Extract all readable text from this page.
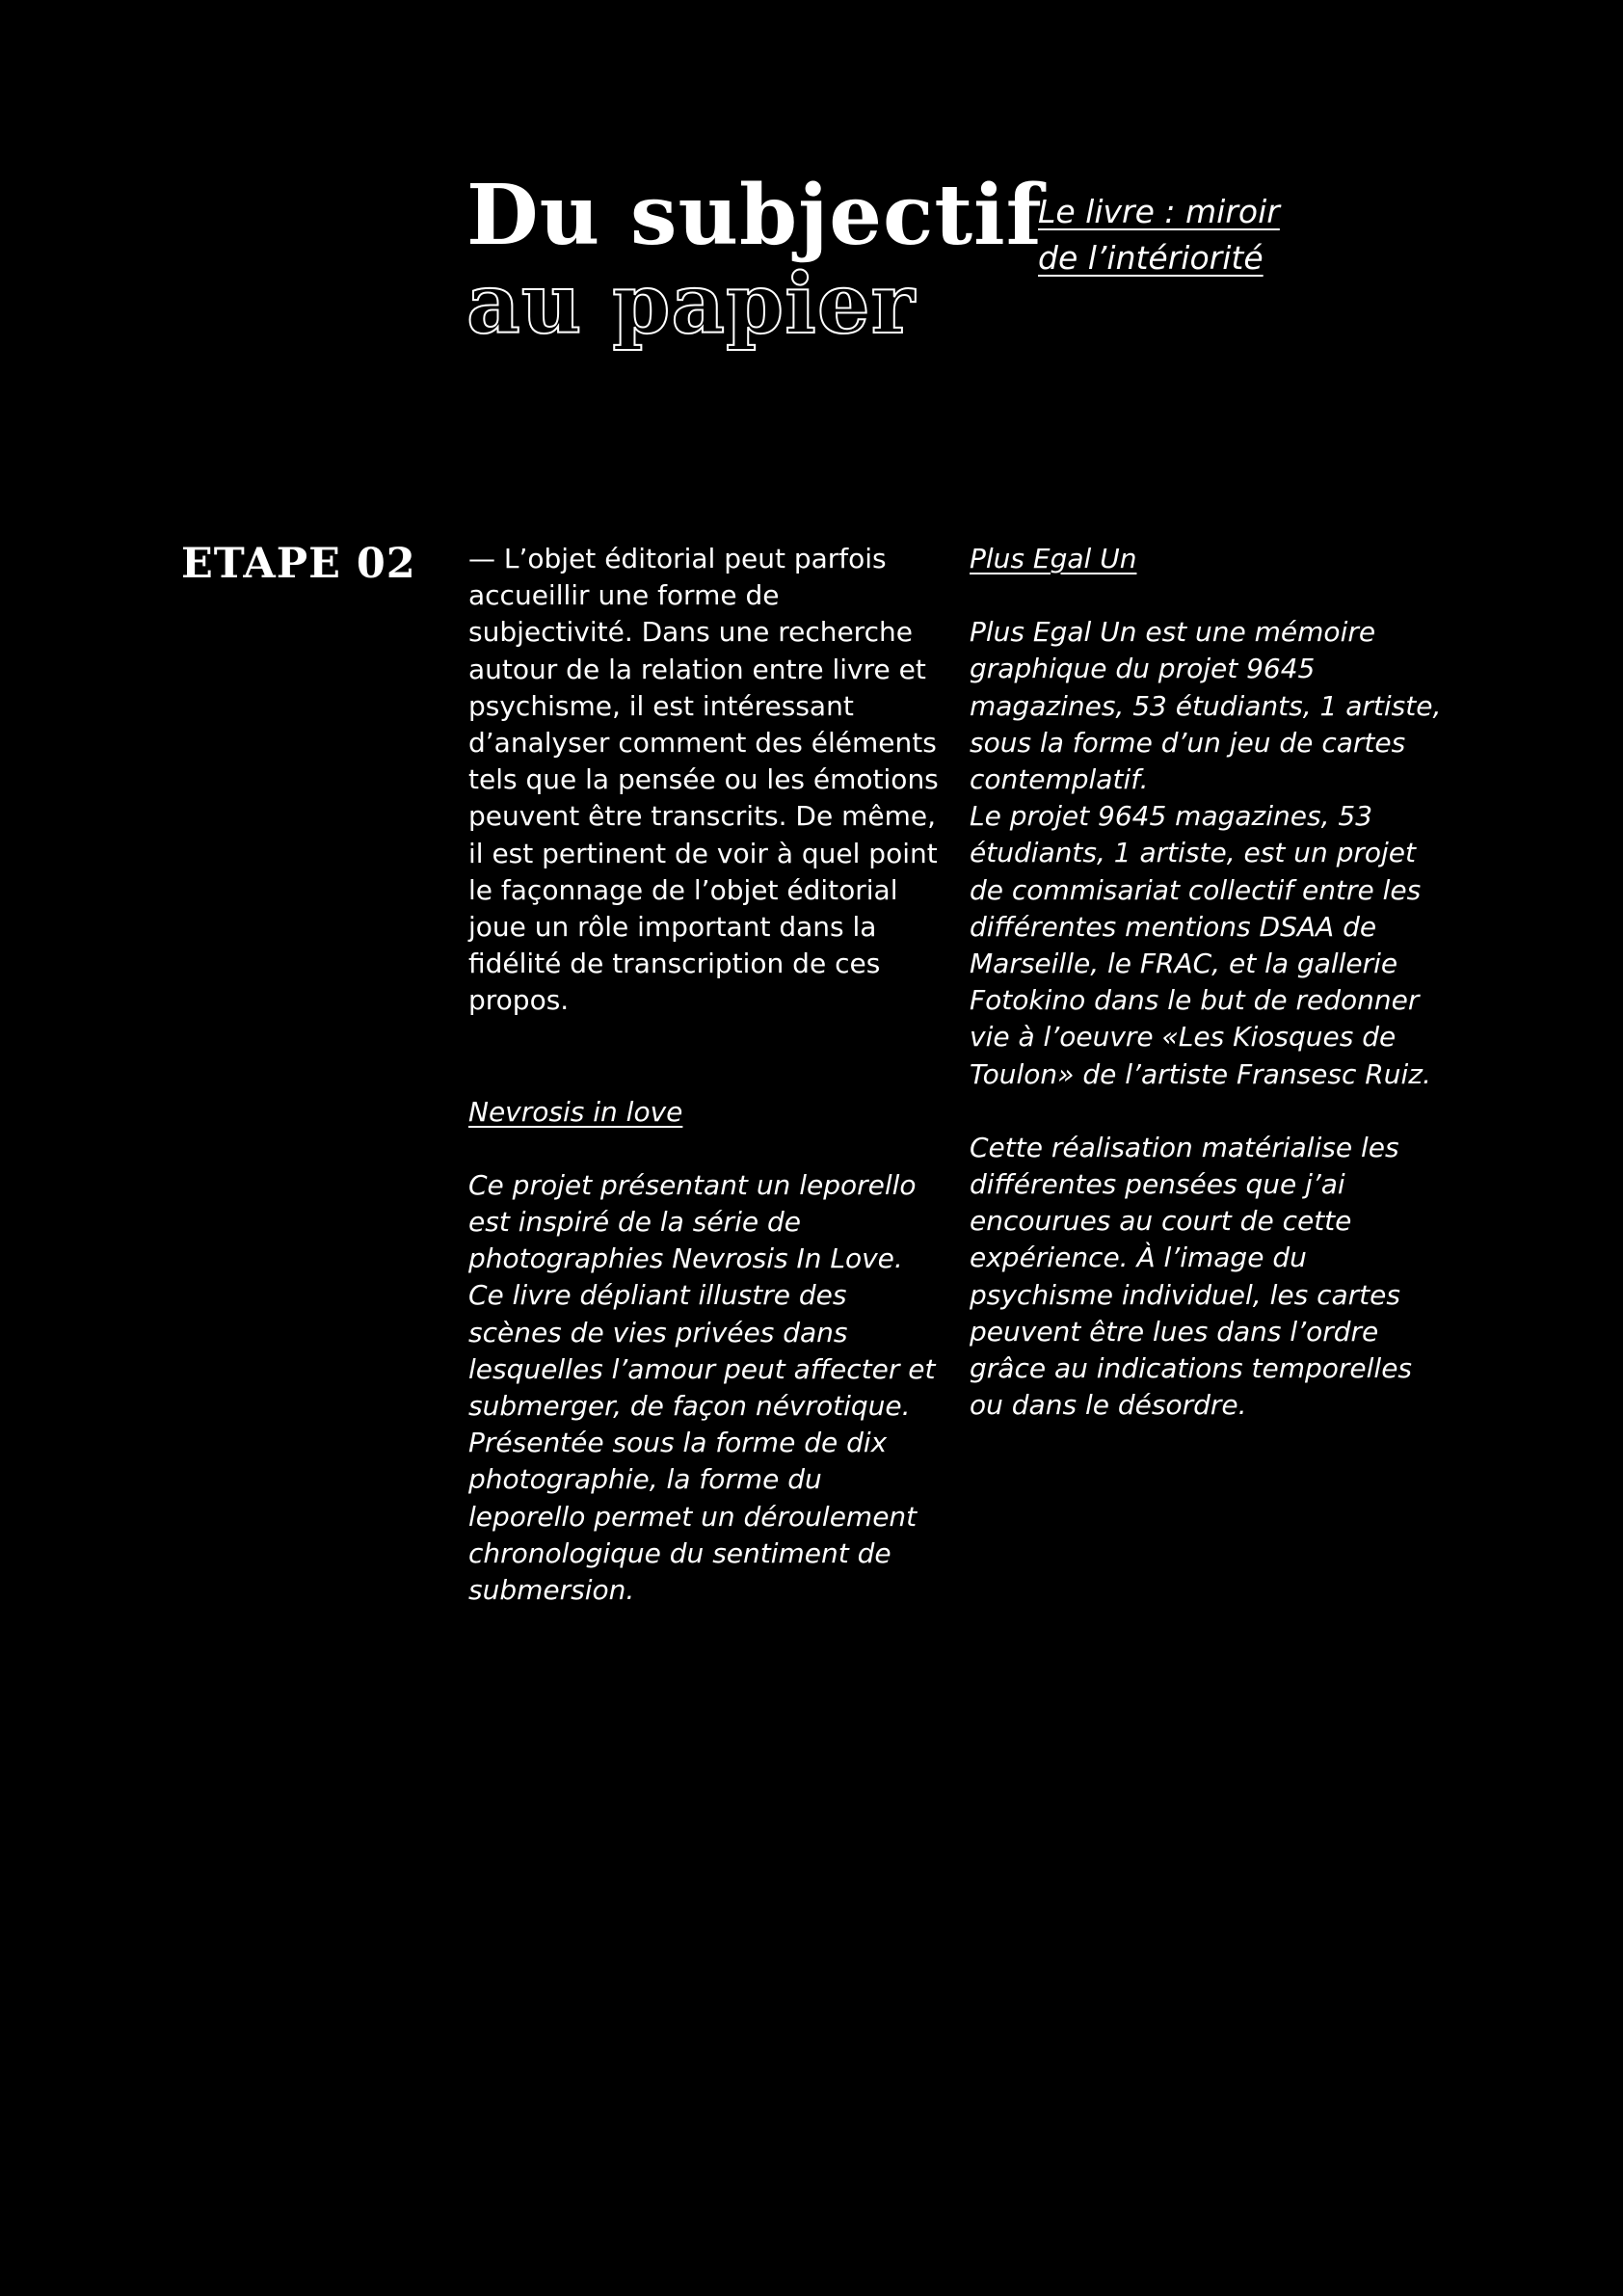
Du subjectif
au papier
Le livre : miroir
de l’intériorité
ETAPE 02 — L’objet éditorial peut parfois accueillir une forme de subjectivité. Dans une recherche autour de la relation entre livre et psychisme, il est intéressant d’analyser comment des éléments tels que la pensée ou les émotions peuvent être transcrits. De même, il est pertinent de voir à quel point le façonnage de l’objet éditorial joue un rôle important dans la fidélité de transcription de ces propos.

Nevrosis in love

Ce projet présentant un leporello est inspiré de la série de photographies Nevrosis In Love. Ce livre dépliant illustre des scènes de vies privées dans lesquelles l’amour peut affecter et submerger, de façon névrotique. Présentée sous la forme de dix photographie, la forme du leporello permet un déroulement chronologique du sentiment de submersion.

Plus Egal Un

Plus Egal Un est une mémoire graphique du projet 9645 magazines, 53 étudiants, 1 artiste, sous la forme d’un jeu de cartes contemplatif.

Le projet 9645 magazines, 53 étudiants, 1 artiste, est un projet de commisariat collectif entre les différentes mentions DSAA de Marseille, le FRAC, et la gallerie Fotokino dans le but de redonner vie à l’oeuvre «Les Kiosques de Toulon» de l’artiste Fransesc Ruiz.

Cette réalisation matérialise les différentes pensées que j’ai encourues au court de cette expérience. À l’image du psychisme individuel, les cartes peuvent être lues dans l’ordre grâce au indications temporelles ou dans le désordre.
